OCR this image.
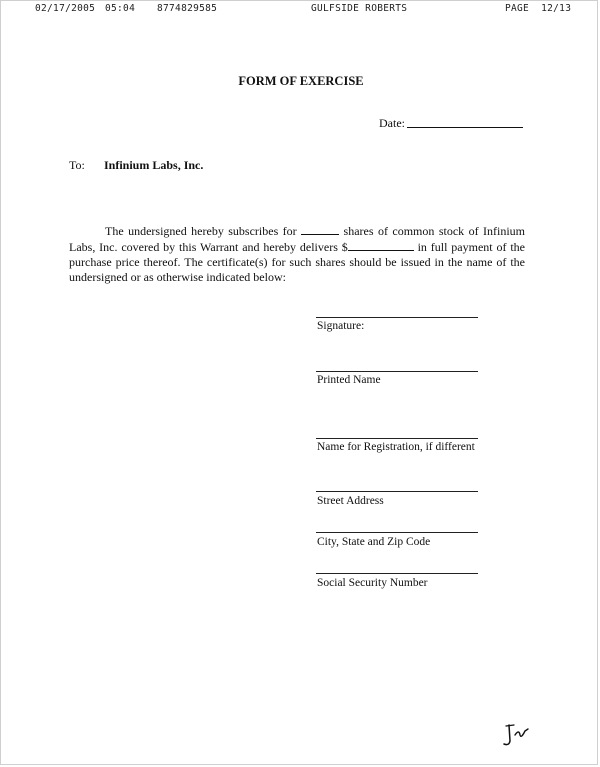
02/17/2005 05:04 8774829585	GULFSIDE ROBERTS	PAGE  12/13
FORM OF EXERCISE
Date:
To: Infinium Labs, Inc.
The undersigned hereby subscribes for	shares of common stock of Infinium Labs, Inc. covered by this Warrant and hereby delivers $	in full payment of the purchase price thereof. The certificate(s) for such shares should be issued in the name of the undersigned or as otherwise indicated below:
Signature:
Printed Name
Name for Registration, if different
Street Address
City, State and Zip Code
Social Security Number
